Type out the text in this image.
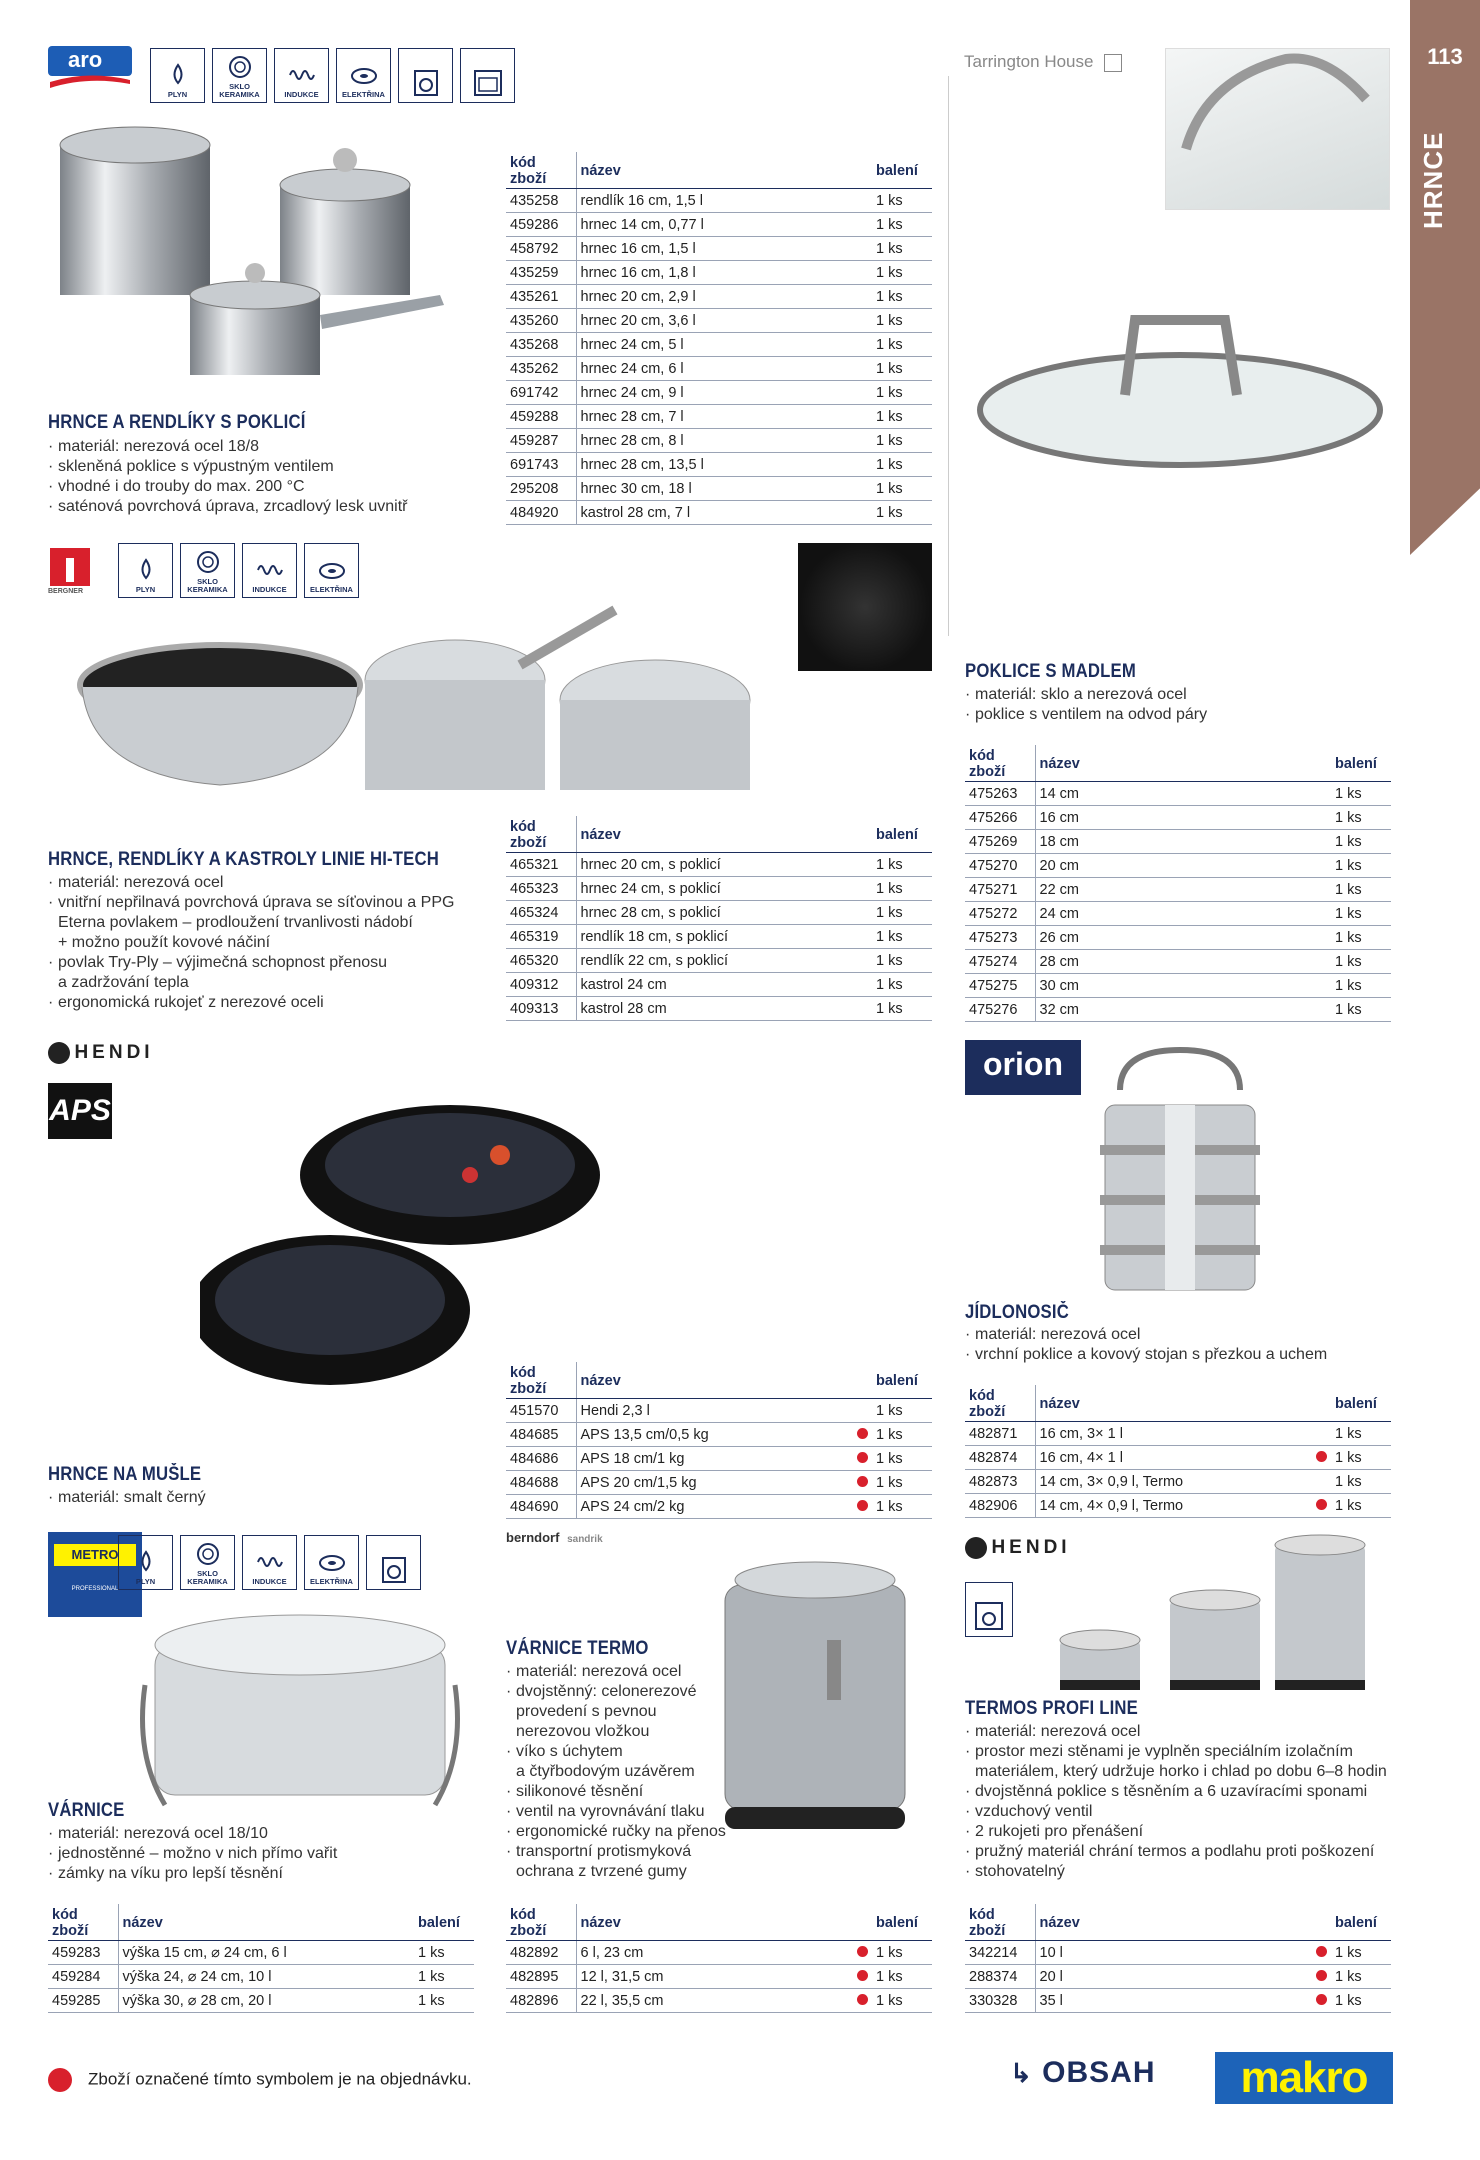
113
HRNCE
aro
PLYN
SKLO KERAMIKA	INDUKCE	ELEKTŘINA
HRNCE A RENDLÍKY S POKLICÍ
· materiál: nerezová ocel 18/8
· skleněná poklice s výpustným ventilem
· vhodné i do trouby do max. 200 °C
· saténová povrchová úprava, zrcadlový lesk uvnitř
kód zboží	název		balení
435258	rendlík 16 cm, 1,5 l		1 ks
459286	hrnec 14 cm, 0,77 l		1 ks
458792	hrnec 16 cm, 1,5 l		1 ks
435259	hrnec 16 cm, 1,8 l		1 ks
435261	hrnec 20 cm, 2,9 l		1 ks
435260	hrnec 20 cm, 3,6 l		1 ks
435268	hrnec 24 cm, 5 l		1 ks
435262	hrnec 24 cm, 6 l		1 ks
691742	hrnec 24 cm, 9 l		1 ks
459288	hrnec 28 cm, 7 l		1 ks
459287	hrnec 28 cm, 8 l		1 ks
691743	hrnec 28 cm, 13,5 l		1 ks
295208	hrnec 30 cm, 18 l		1 ks
484920	kastrol 28 cm, 7 l		1 ks
Tarrington House
POKLICE S MADLEM
· materiál: sklo a nerezová ocel
· poklice s ventilem na odvod páry
kód zboží	název		balení
475263	14 cm		1 ks
475266	16 cm		1 ks
475269	18 cm		1 ks
475270	20 cm		1 ks
475271	22 cm		1 ks
475272	24 cm		1 ks
475273	26 cm		1 ks
475274	28 cm		1 ks
475275	30 cm		1 ks
475276	32 cm		1 ks
BERGNER	PLYN
SKLO KERAMIKA	INDUKCE	ELEKTŘINA
HRNCE, RENDLÍKY A KASTROLY LINIE HI-TECH
· materiál: nerezová ocel
· vnitřní nepřilnavá povrchová úprava se síťovinou a PPG
Eterna povlakem – prodloužení trvanlivosti nádobí
+ možno použít kovové náčiní
· povlak Try-Ply – výjimečná schopnost přenosu
a zadržování tepla
· ergonomická rukojeť z nerezové oceli
kód zboží	název		balení
465321	hrnec 20 cm, s poklicí		1 ks
465323	hrnec 24 cm, s poklicí		1 ks
465324	hrnec 28 cm, s poklicí		1 ks
465319	rendlík 18 cm, s poklicí		1 ks
465320	rendlík 22 cm, s poklicí		1 ks
409312	kastrol 24 cm		1 ks
409313	kastrol 28 cm		1 ks
HENDI
APS
HRNCE NA MUŠLE
· materiál: smalt černý
kód zboží	název		balení
451570	Hendi 2,3 l		1 ks
484685	APS 13,5 cm/0,5 kg		1 ks
484686	APS 18 cm/1 kg		1 ks
484688	APS 20 cm/1,5 kg		1 ks
484690	APS 24 cm/2 kg		1 ks
orion
JÍDLONOSIČ
· materiál: nerezová ocel
· vrchní poklice a kovový stojan s přezkou a uchem
kód zboží	název		balení
482871	16 cm, 3× 1 l		1 ks
482874	16 cm, 4× 1 l		1 ks
482873	14 cm, 3× 0,9 l, Termo		1 ks
482906	14 cm, 4× 0,9 l, Termo		1 ks
METRO
PROFESSIONAL
PLYN
SKLO KERAMIKA	INDUKCE	ELEKTŘINA
VÁRNICE
· materiál: nerezová ocel 18/10
· jednostěnné – možno v nich přímo vařit
· zámky na víku pro lepší těsnění
kód zboží	název		balení
459283	výška 15 cm, ⌀ 24 cm, 6 l		1 ks
459284	výška 24, ⌀ 24 cm, 10 l		1 ks
459285	výška 30, ⌀ 28 cm, 20 l		1 ks
berndorf sandrik
VÁRNICE TERMO
· materiál: nerezová ocel
· dvojstěnný: celonerezové
provedení s pevnou
nerezovou vložkou
· víko s úchytem
a čtyřbodovým uzávěrem
· silikonové těsnění
· ventil na vyrovnávání tlaku
· ergonomické ručky na přenos
· transportní protismyková
ochrana z tvrzené gumy
kód zboží	název		balení
482892	6 l, 23 cm		1 ks
482895	12 l, 31,5 cm		1 ks
482896	22 l, 35,5 cm		1 ks
HENDI
TERMOS PROFI LINE
· materiál: nerezová ocel
· prostor mezi stěnami je vyplněn speciálním izolačním
materiálem, který udržuje horko i chlad po dobu 6–8 hodin
· dvojstěnná poklice s těsněním a 6 uzavíracími sponami
· vzduchový ventil
· 2 rukojeti pro přenášení
· pružný materiál chrání termos a podlahu proti poškození
· stohovatelný
kód zboží	název		balení
342214	10 l		1 ks
288374	20 l		1 ks
330328	35 l		1 ks
Zboží označené tímto symbolem je na objednávku.	↳ OBSAH	makro
